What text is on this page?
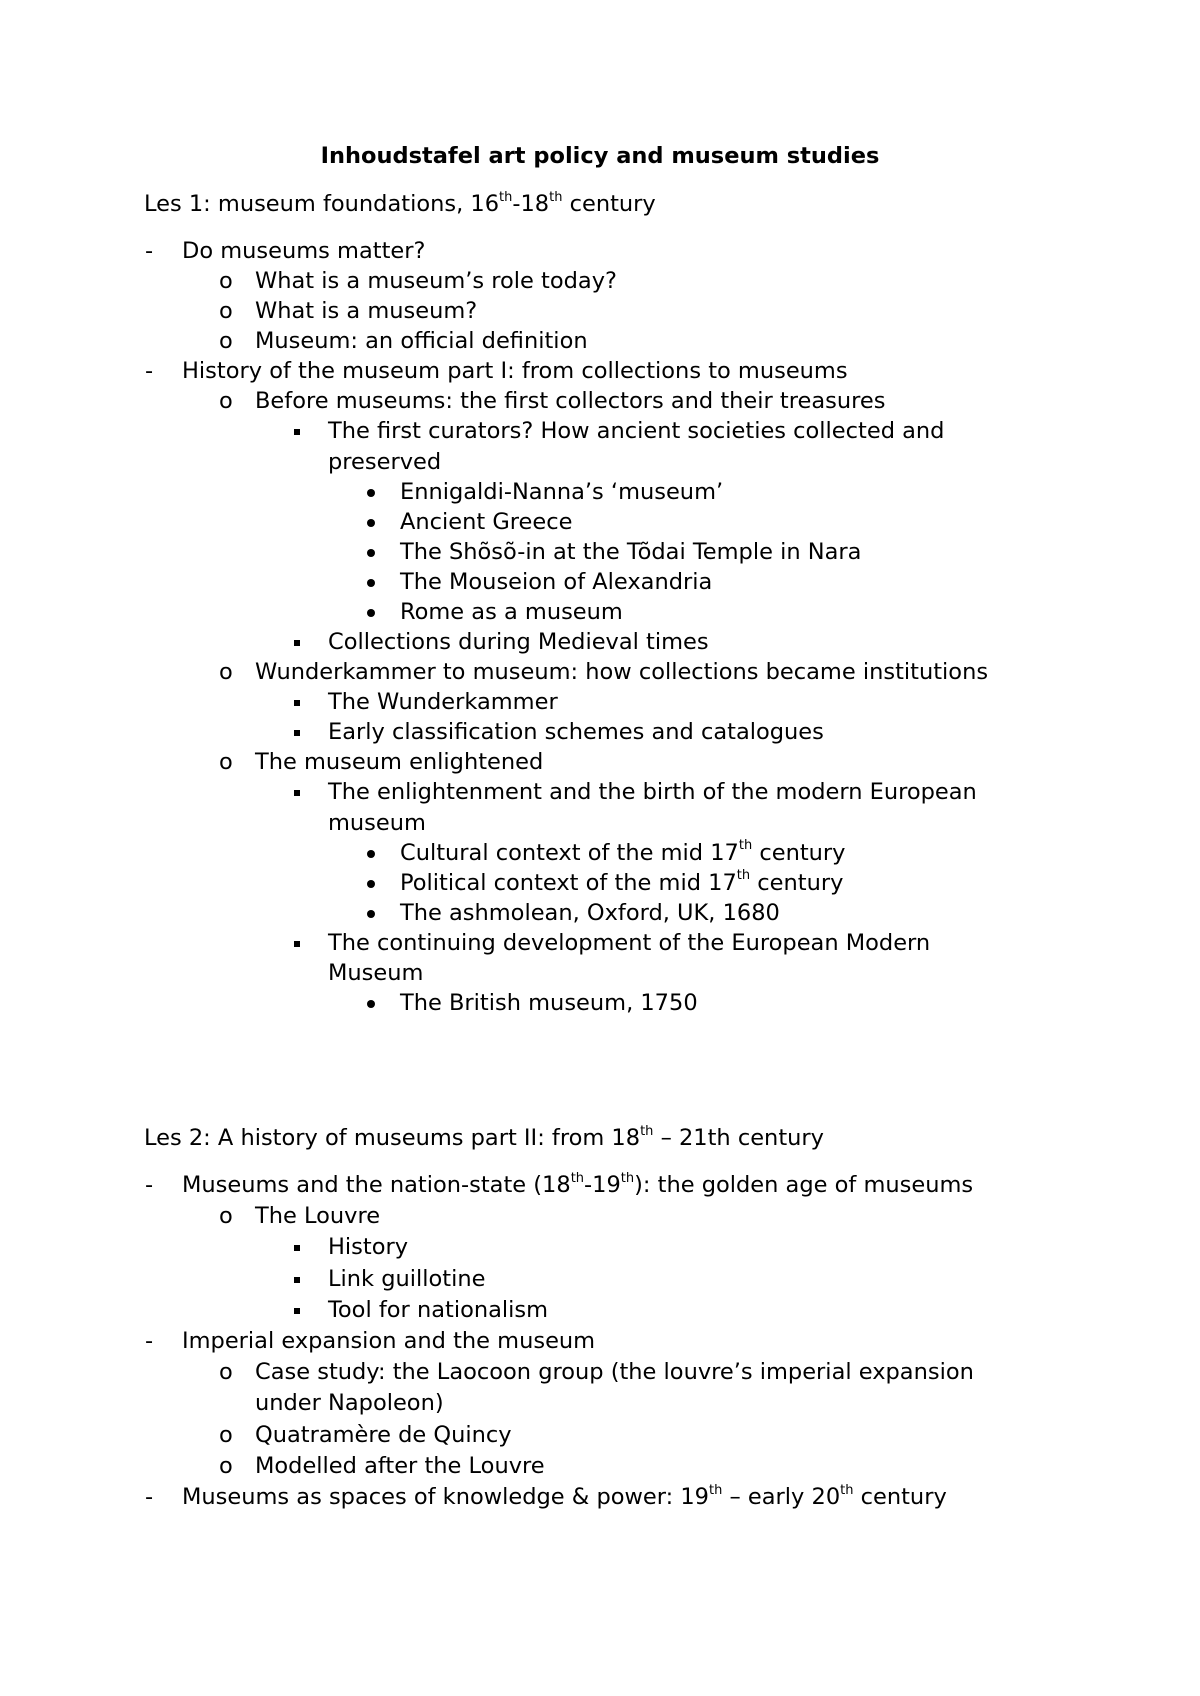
Inhoudstafel art policy and museum studies
Les 1: museum foundations, 16th-18th century
- Do museums matter?
o What is a museum’s role today?
o What is a museum?
o Museum: an official definition
- History of the museum part I: from collections to museums
o Before museums: the first collectors and their treasures
The first curators? How ancient societies collected and
preserved
Ennigaldi-Nanna’s ‘museum’
Ancient Greece
The Shõsõ-in at the Tõdai Temple in Nara
The Mouseion of Alexandria
Rome as a museum
Collections during Medieval times
o Wunderkammer to museum: how collections became institutions
The Wunderkammer
Early classification schemes and catalogues
o The museum enlightened
The enlightenment and the birth of the modern European
museum
Cultural context of the mid 17th century
Political context of the mid 17th century
The ashmolean, Oxford, UK, 1680
The continuing development of the European Modern
Museum
The British museum, 1750
Les 2: A history of museums part II: from 18th – 21th century
- Museums and the nation-state (18th-19th): the golden age of museums
o The Louvre
History
Link guillotine
Tool for nationalism
- Imperial expansion and the museum
o Case study: the Laocoon group (the louvre’s imperial expansion
under Napoleon)
o Quatramère de Quincy
o Modelled after the Louvre
- Museums as spaces of knowledge & power: 19th – early 20th century
